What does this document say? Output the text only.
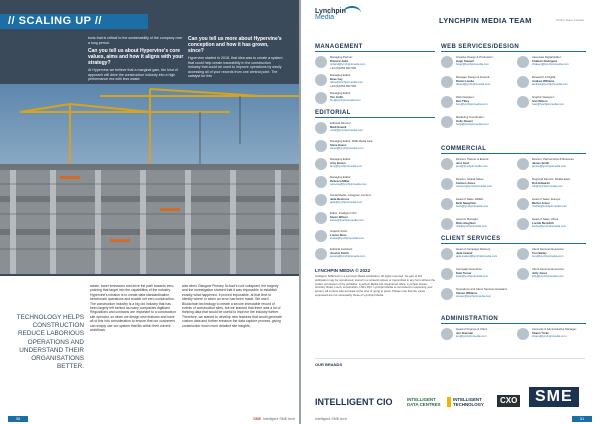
// SCALING UP //
tools that is critical to the sustainability of the company over a long period.
Can you tell us about Hypervine's core values, aims and how it aligns with your strategy?
At Hypervine we believe that a marginal gain, the kind of approach will drive the construction industry into a high performance era with less waste.
Can you tell us more about Hypervine's conception and how it has grown, since?
Hypervine started in 2018, that idea was to create a system that could help create traceability in the construction industry that could be used to improve operations by easily accessing all of your records from one central point. The catalyst for this
TECHNOLOGY HELPS CONSTRUCTION REDUCE LABORIOUS OPERATIONS AND UNDERSTAND THEIR ORGANISATIONS BETTER.
waste, lower emissions and drive the path towards zero, pushing that target into the capabilities of the industry. Hypervine's mission is to create data standardisation, benchmark operations and enable net zero construction. The construction industry is a big old industry that has been largely left behind as many companies digitised. Regulations and contracts are important to a construction site operator, so when we design new features and have all of this into consideration to ensure that our customers can simply use our system that fits within their current workflows.
was when Glasgow Primary School's roof collapsed, the tragedy and the investigation showed that it was impossible to establish exactly what happened. It proved impossible, at that time to identify where or when an error had been made. We used Blockchain technology to create a secure immutable record of events of construction sites, but we learned that there was a lot of thinking data that would be useful to improve the industry further. Therefore, we started to develop new features that would generate custom data and further enhance the data capture process, giving construction much more detailed site insights.
30	SME Intelligent SME.tech
Lynchpin
Media	LYNCHPIN MEDIA TEAM	Online Team Contact
MANAGEMENT
EDITORIAL
WEB SERVICES/DESIGN
COMMERCIAL
CLIENT SERVICES
ADMINISTRATION
Managing Partner:
Richard Judd
richard@lynchpinmedia.com
+44 (0)1652 822 584
Managing Editor:
Dave Cay
dave@lynchpinmedia.com
+44 (0)1652 822 584
Managing Editor:
Tim Goffe
tim@lynchpinmedia.com
Editorial Director:
Mark Dowell
mark@lynchpinmedia.com
Managing Editor, SME Media Asia:
Steve Evans
steve@lynchpinmedia.com
Managing Editor:
Amy Brown
amy@lynchpinmedia.com
Managing Editor:
Rebecca Miller
rebecca@lynchpinmedia.com
Social Media, Instagram Content:
Jade Bemrose
jade@lynchpinmedia.com
Editor, Intelligent CIO:
Karen Wilson
karen@lynchpinmedia.com
Graphic Artist:
Louise West
louise@lynchpinmedia.com
Editorial Assistant:
Jessica Smith
jessica@lynchpinmedia.com
Creative Design & Production:
Hugo Stewart
hugo@lynchpinmedia.com
Manager Design & Artwork:
Daniel Lemke
daniel@lynchpinmedia.com
Web Designer:
Ben Tilley
ben@lynchpinmedia.com
Marketing Coordinator:
Holly Stower
holly@lynchpinmedia.com
Associate Digital Editor:
Chaleen Rodriguez
chaleen@lynchpinmedia.com
Research & Digital:
Andrew Williams
andrew@lynchpinmedia.com
Graphic Designer:
Ivan Wilson
ivan@lynchpinmedia.com
Director, Partner & Events:
Jess Kent
jess@lynchpinmedia.com
Director, Global Sales:
Carmen Jones
carmen@lynchpinmedia.com
Head of Sales, EMEA:
Beth Naughton
beth@lynchpinmedia.com
Account Manager:
Rick Houghton
rick@lynchpinmedia.com
Director, Partnerships & Business:
James Smith
james@lynchpinmedia.com
Regional Director, Middle East:
Rob Edwards
rob@lynchpinmedia.com
Head of Sales, Europe:
Michel Joiner
michel@lynchpinmedia.com
Head of Sales, Africa:
Lorelle Meredith
lorelle@lynchpinmedia.com
Head of Campaign Delivery:
Jade Ireland
jade.ireland@lynchpinmedia.com
Campaign Executive:
Kate Turner
kate@lynchpinmedia.com
Operations and Client Services Assistant:
Steven Williams
steven@lynchpinmedia.com
Client Services Executive:
Tom Bailey
tom@lynchpinmedia.com
Client Services Executive:
Jolly Jones
jolly@lynchpinmedia.com
Head of Finance & Chief:
Jon Brennan
jon@lynchpinmedia.com
Accounts & Administrative Manager:
Shaun Yorke
shaun@lynchpinmedia.com
LYNCHPIN MEDIA © 2022
Intelligent SME.tech is a Lynchpin Media publication. All rights reserved. No part of this publication may be reproduced, stored in a retrieval system or transmitted in any form without the written permission of the publisher. Lynchpin Media Ltd. Registered office: Lynchpin House, Grimsby Road, Louth, Lincolnshire, LN11 0SX. Lynchpin Media is committed to respecting your privacy. All content was accurate at the time of going to press. Please note that the views expressed are not necessarily those of Lynchpin Media.
OUR BRANDS
INTELLIGENT CIO	INTELLIGENT DATA CENTRES
INTELLIGENT TECHNOLOGY	CXO	SME
Intelligent SME.tech	31
